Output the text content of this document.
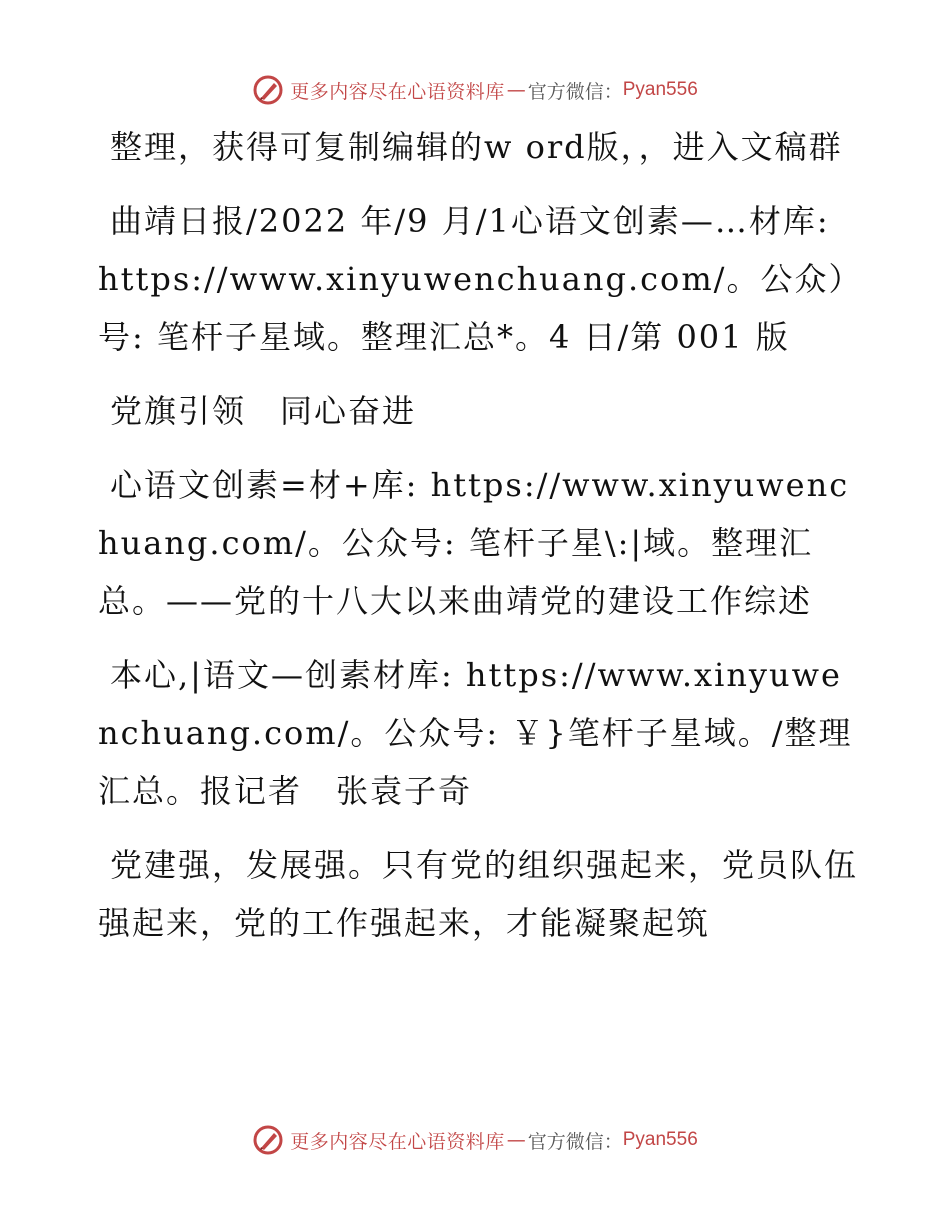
更多内容尽在心语资料库 — 官方微信： Pyan556

整理，获得可复制编辑的w ord版，，进入文稿群

曲靖日报/2022 年/9 月/1心语文创素—…材库: https://www.xinyuwenchuang.com/。公众）号: 笔杆子星域。整理汇总*。4 日/第 001 版

党旗引领　同心奋进

心语文创素=材+库: https://www.xinyuwenchuang.com/。公众号: 笔杆子星\:|域。整理汇总。——党的十八大以来曲靖党的建设工作综述

本心,|语文—创素材库: https://www.xinyuwenchuang.com/。公众号: ￥}笔杆子星域。/整理汇总。报记者　张袁子奇

党建强，发展强。只有党的组织强起来，党员队伍强起来，党的工作强起来，才能凝聚起筑

更多内容尽在心语资料库 — 官方微信： Pyan556
